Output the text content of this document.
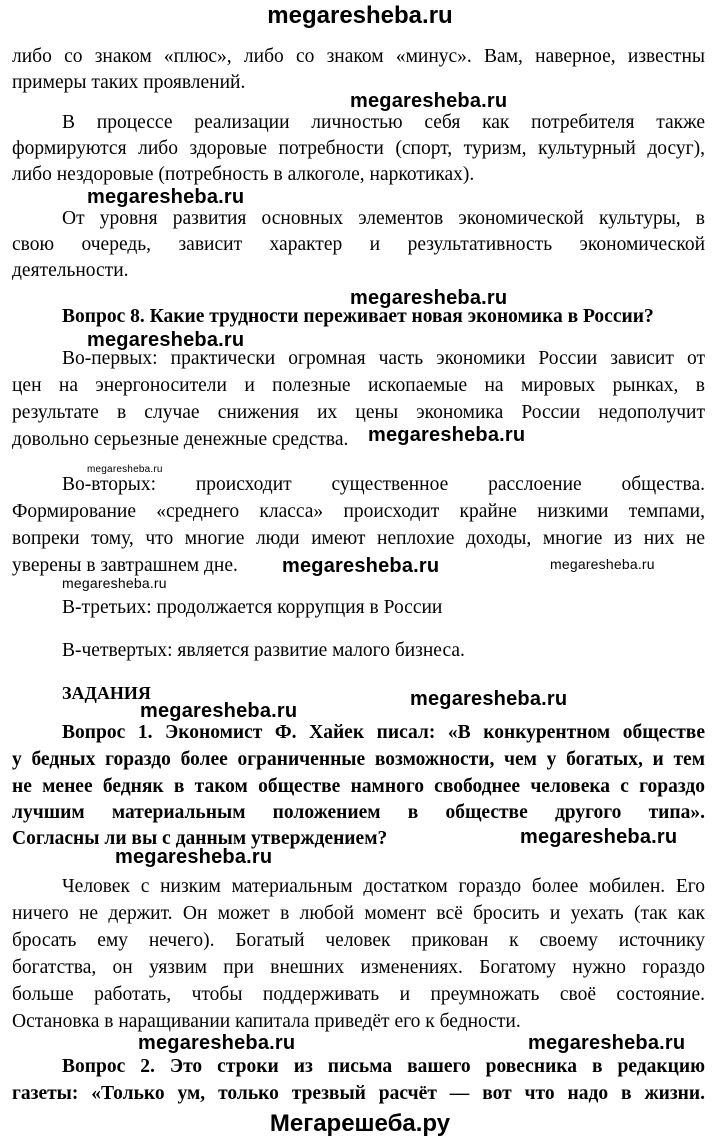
megaresheba.ru
либо со знаком «плюс», либо со знаком «минус». Вам, наверное, известны
примеры таких проявлений.
megaresheba.ru
В процессе реализации личностью себя как потребителя также
формируются либо здоровые потребности (спорт, туризм, культурный досуг),
либо нездоровые (потребность в алкоголе, наркотиках).
megaresheba.ru
От уровня развития основных элементов экономической культуры, в
свою очередь, зависит характер и результативность экономической
деятельности.
megaresheba.ru
Вопрос 8. Какие трудности переживает новая экономика в России?
megaresheba.ru
Во-первых: практически огромная часть экономики России зависит от
цен на энергоносители и полезные ископаемые на мировых рынках, в
результате в случае снижения их цены экономика России недополучит
довольно серьезные денежные средства. megaresheba.ru
megaresheba.ru
Во-вторых: происходит существенное расслоение общества.
Формирование «среднего класса» происходит крайне низкими темпами,
вопреки тому, что многие люди имеют неплохие доходы, многие из них не
уверены в завтрашнем дне.	megaresheba.ru	megaresheba.ru
megaresheba.ru
В-третьих: продолжается коррупция в России
В-четвертых: является развитие малого бизнеса.
ЗАДАНИЯ	megaresheba.ru
megaresheba.ru
Вопрос 1. Экономист Ф. Хайек писал: «В конкурентном обществе
у бедных гораздо более ограниченные возможности, чем у богатых, и тем
не менее бедняк в таком обществе намного свободнее человека с гораздо
лучшим материальным положением в обществе другого типа».
Согласны ли вы с данным утверждением?	megaresheba.ru
megaresheba.ru
Человек с низким материальным достатком гораздо более мобилен. Его
ничего не держит. Он может в любой момент всё бросить и уехать (так как
бросать ему нечего). Богатый человек прикован к своему источнику
богатства, он уязвим при внешних изменениях. Богатому нужно гораздо
больше работать, чтобы поддерживать и преумножать своё состояние.
Остановка в наращивании капитала приведёт его к бедности.
megaresheba.ru	megaresheba.ru
Вопрос 2. Это строки из письма вашего ровесника в редакцию
газеты: «Только ум, только трезвый расчёт — вот что надо в жизни.
Мегарешеба.ру
